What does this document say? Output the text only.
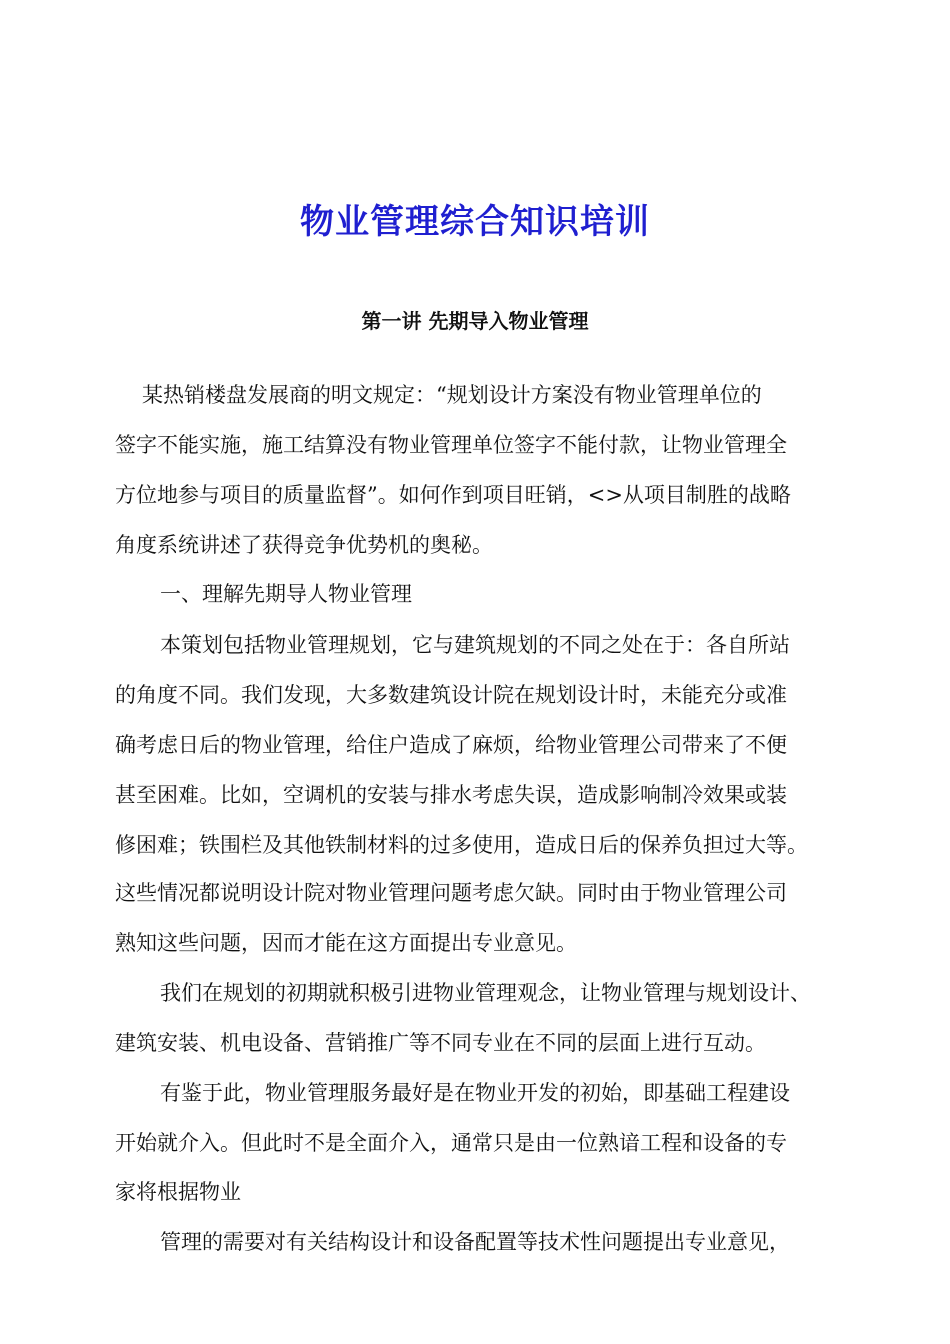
物业管理综合知识培训
第一讲 先期导入物业管理
某热销楼盘发展商的明文规定：“规划设计方案没有物业管理单位的
签字不能实施，施工结算没有物业管理单位签字不能付款，让物业管理全
方位地参与项目的质量监督”。如何作到项目旺销，<>从项目制胜的战略
角度系统讲述了获得竞争优势机的奥秘。
一、理解先期导人物业管理
本策划包括物业管理规划，它与建筑规划的不同之处在于：各自所站
的角度不同。我们发现，大多数建筑设计院在规划设计时，未能充分或准
确考虑日后的物业管理，给住户造成了麻烦，给物业管理公司带来了不便
甚至困难。比如，空调机的安装与排水考虑失误，造成影响制冷效果或装
修困难；铁围栏及其他铁制材料的过多使用，造成日后的保养负担过大等。
这些情况都说明设计院对物业管理问题考虑欠缺。同时由于物业管理公司
熟知这些问题，因而才能在这方面提出专业意见。
我们在规划的初期就积极引进物业管理观念，让物业管理与规划设计、
建筑安装、机电设备、营销推广等不同专业在不同的层面上进行互动。
有鉴于此，物业管理服务最好是在物业开发的初始，即基础工程建设
开始就介入。但此时不是全面介入，通常只是由一位熟谙工程和设备的专
家将根据物业
管理的需要对有关结构设计和设备配置等技术性问题提出专业意见，
